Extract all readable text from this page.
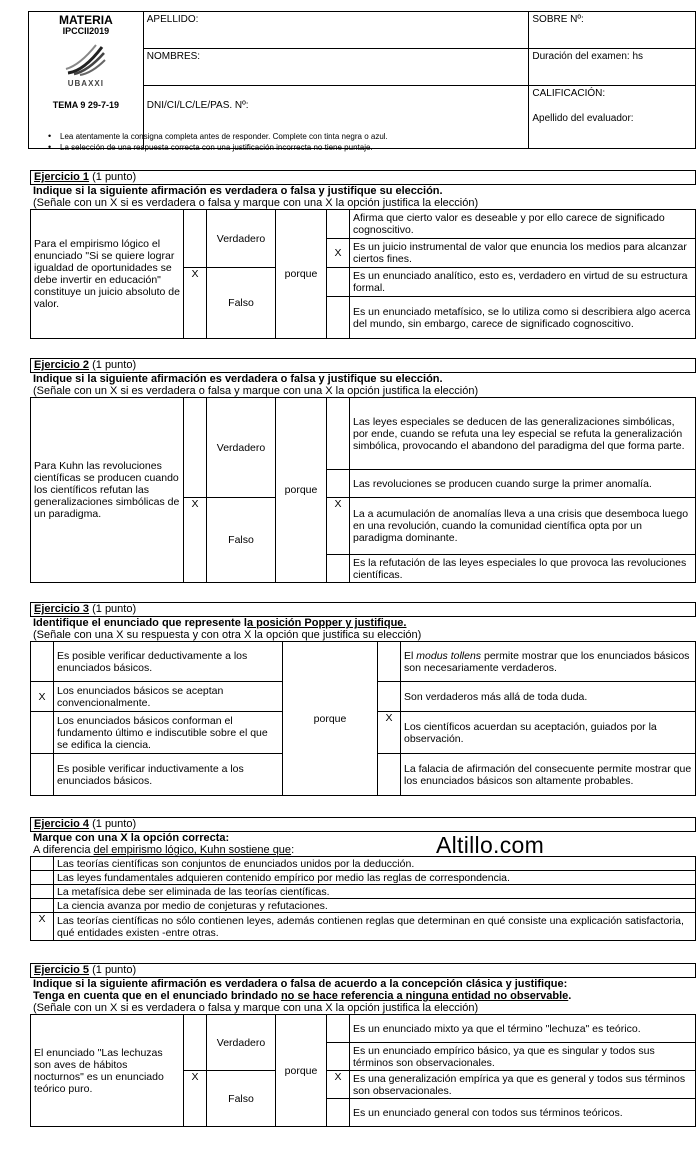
MATERIA
IPCCII2019
UBAXXI
TEMA 9 29-7-19	APELLIDO:	SOBRE Nº:
	NOMBRES:	Duración del examen: hs
	DNI/CI/LC/LE/PAS. Nº:	CALIFICACIÓN:
Apellido del evaluador:
• Lea atentamente la consigna completa antes de responder. Complete con tinta negra o azul.
• La selección de una respuesta correcta con una justificación incorrecta no tiene puntaje.
Ejercicio 1 (1 punto)
Indique si la siguiente afirmación es verdadera o falsa y justifique su elección.
(Señale con un X si es verdadera o falsa y marque con una X la opción justifica la elección)
Para el empirismo lógico el enunciado "Si se quiere lograr igualdad de oportunidades se debe invertir en educación" constituye un juicio absoluto de valor.		Verdadero	porque		Afirma que cierto valor es deseable y por ello carece de significado cognoscitivo.
				X	Es un juicio instrumental de valor que enuncia los medios para alcanzar ciertos fines.
	X	Falso			Es un enunciado analítico, esto es, verdadero en virtud de su estructura formal.
					Es un enunciado metafísico, se lo utiliza como si describiera algo acerca del mundo, sin embargo, carece de significado cognoscitivo.
Ejercicio 2 (1 punto)
Indique si la siguiente afirmación es verdadera o falsa y justifique su elección.
(Señale con un X si es verdadera o falsa y marque con una X la opción justifica la elección)
Para Kuhn las revoluciones científicas se producen cuando los científicos refutan las generalizaciones simbólicas de un paradigma.		Verdadero	porque		Las leyes especiales se deducen de las generalizaciones simbólicas, por ende, cuando se refuta una ley especial se refuta la generalización simbólica, provocando el abandono del paradigma del que forma parte.
					Las revoluciones se producen cuando surge la primer anomalía.
	X	Falso		X	La a acumulación de anomalías lleva a una crisis que desemboca luego en una revolución, cuando la comunidad científica opta por un paradigma dominante.
					Es la refutación de las leyes especiales lo que provoca las revoluciones científicas.
Ejercicio 3 (1 punto)
Identifique el enunciado que represente la posición Popper y justifique.
(Señale con una X su respuesta y con otra X la opción que justifica su elección)
	Es posible verificar deductivamente a los enunciados básicos.	porque		El modus tollens permite mostrar que los enunciados básicos son necesariamente verdaderos.
X	Los enunciados básicos se aceptan convencionalmente.			Son verdaderos más allá de toda duda.
	Los enunciados básicos conforman el fundamento último e indiscutible sobre el que se edifica la ciencia.		X	Los científicos acuerdan su aceptación, guiados por la observación.
	Es posible verificar inductivamente a los enunciados básicos.			La falacia de afirmación del consecuente permite mostrar que los enunciados básicos son altamente probables.
Ejercicio 4 (1 punto)
Marque con una X la opción correcta:
A diferencia del empirismo lógico, Kuhn sostiene que:
	Las teorías científicas son conjuntos de enunciados unidos por la deducción.
	Las leyes fundamentales adquieren contenido empírico por medio las reglas de correspondencia.
	La metafísica debe ser eliminada de las teorías científicas.
	La ciencia avanza por medio de conjeturas y refutaciones.
X	Las teorías científicas no sólo contienen leyes, además contienen reglas que determinan en qué consiste una explicación satisfactoria, qué entidades existen -entre otras.
Altillo.com
Ejercicio 5 (1 punto)
Indique si la siguiente afirmación es verdadera o falsa de acuerdo a la concepción clásica y justifique:
Tenga en cuenta que en el enunciado brindado no se hace referencia a ninguna entidad no observable.
(Señale con un X si es verdadera o falsa y marque con una X la opción justifica la elección)
El enunciado "Las lechuzas son aves de hábitos nocturnos" es un enunciado teórico puro.		Verdadero	porque		Es un enunciado mixto ya que el término "lechuza" es teórico.
					Es un enunciado empírico básico, ya que es singular y todos sus términos son observacionales.
	X	Falso		X	Es una generalización empírica ya que es general y todos sus términos son observacionales.
					Es un enunciado general con todos sus términos teóricos.
